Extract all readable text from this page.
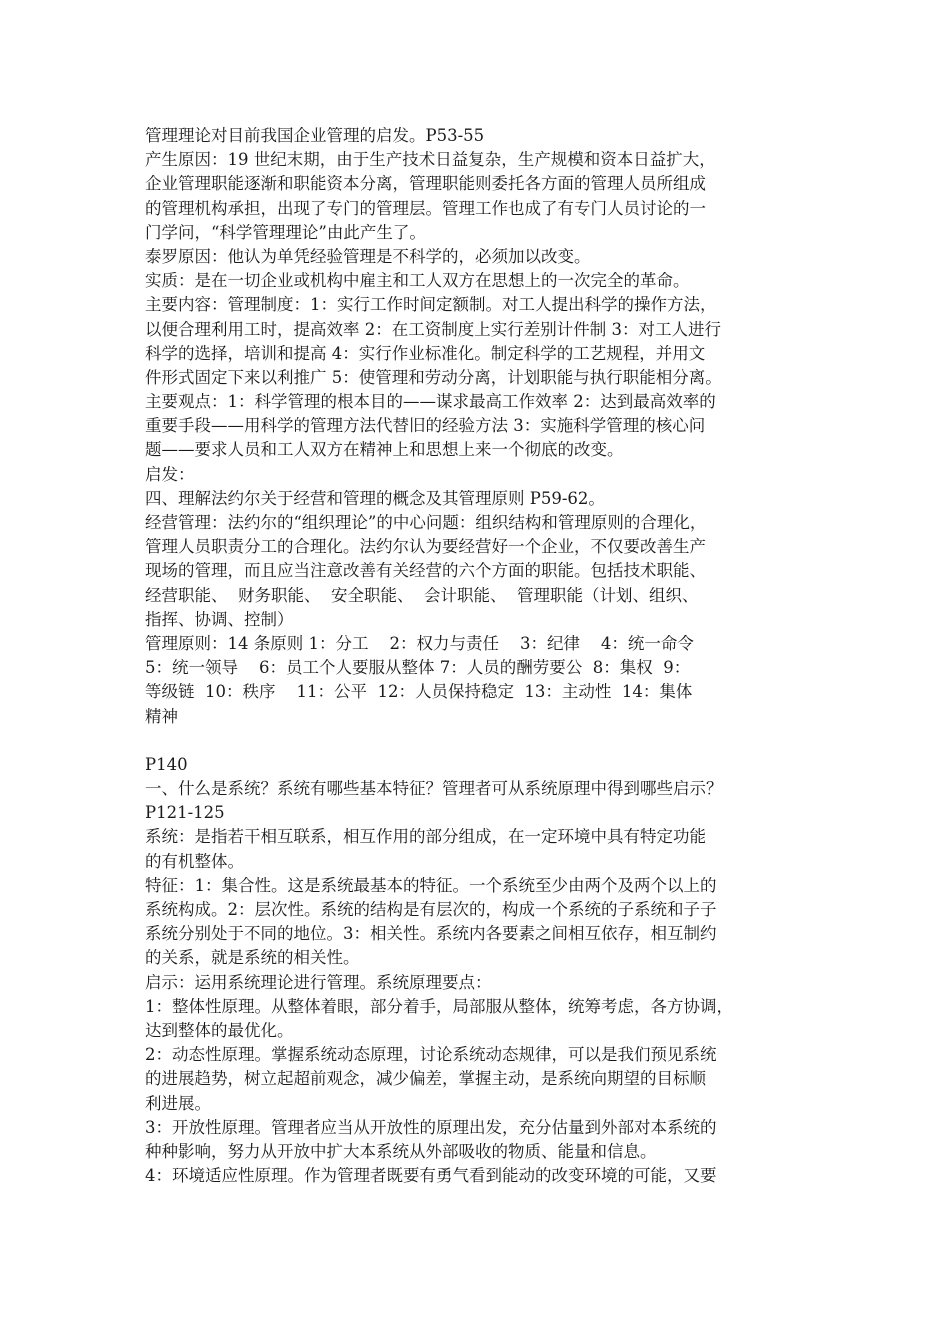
管理理论对目前我国企业管理的启发。P53-55
产生原因：19 世纪末期，由于生产技术日益复杂，生产规模和资本日益扩大，
企业管理职能逐渐和职能资本分离，管理职能则委托各方面的管理人员所组成
的管理机构承担，出现了专门的管理层。管理工作也成了有专门人员讨论的一
门学问，“科学管理理论”由此产生了。
泰罗原因：他认为单凭经验管理是不科学的，必须加以改变。
实质：是在一切企业或机构中雇主和工人双方在思想上的一次完全的革命。
主要内容：管理制度：1：实行工作时间定额制。对工人提出科学的操作方法，
以便合理利用工时，提高效率 2：在工资制度上实行差别计件制 3：对工人进行
科学的选择，培训和提高 4：实行作业标准化。制定科学的工艺规程，并用文
件形式固定下来以利推广 5：使管理和劳动分离，计划职能与执行职能相分离。
主要观点：1：科学管理的根本目的——谋求最高工作效率 2：达到最高效率的
重要手段——用科学的管理方法代替旧的经验方法 3：实施科学管理的核心问
题——要求人员和工人双方在精神上和思想上来一个彻底的改变。
启发：
四、理解法约尔关于经营和管理的概念及其管理原则 P59-62。
经营管理：法约尔的“组织理论”的中心问题：组织结构和管理原则的合理化，
管理人员职责分工的合理化。法约尔认为要经营好一个企业，不仅要改善生产
现场的管理，而且应当注意改善有关经营的六个方面的职能。包括技术职能、
经营职能、  财务职能、  安全职能、  会计职能、  管理职能（计划、组织、
指挥、协调、控制）
管理原则：14 条原则 1：分工    2：权力与责任    3：纪律    4：统一命令
5：统一领导    6：员工个人要服从整体 7：人员的酬劳要公  8：集权  9：
等级链  10：秩序    11：公平  12：人员保持稳定  13：主动性  14：集体
精神
P140
一、什么是系统？系统有哪些基本特征？管理者可从系统原理中得到哪些启示？
P121-125
系统：是指若干相互联系，相互作用的部分组成，在一定环境中具有特定功能
的有机整体。
特征：1：集合性。这是系统最基本的特征。一个系统至少由两个及两个以上的
系统构成。2：层次性。系统的结构是有层次的，构成一个系统的子系统和子子
系统分别处于不同的地位。3：相关性。系统内各要素之间相互依存，相互制约
的关系，就是系统的相关性。
启示：运用系统理论进行管理。系统原理要点：
1：整体性原理。从整体着眼，部分着手，局部服从整体，统筹考虑，各方协调，
达到整体的最优化。
2：动态性原理。掌握系统动态原理，讨论系统动态规律，可以是我们预见系统
的进展趋势，树立起超前观念，减少偏差，掌握主动，是系统向期望的目标顺
利进展。
3：开放性原理。管理者应当从开放性的原理出发，充分估量到外部对本系统的
种种影响，努力从开放中扩大本系统从外部吸收的物质、能量和信息。
4：环境适应性原理。作为管理者既要有勇气看到能动的改变环境的可能，又要
